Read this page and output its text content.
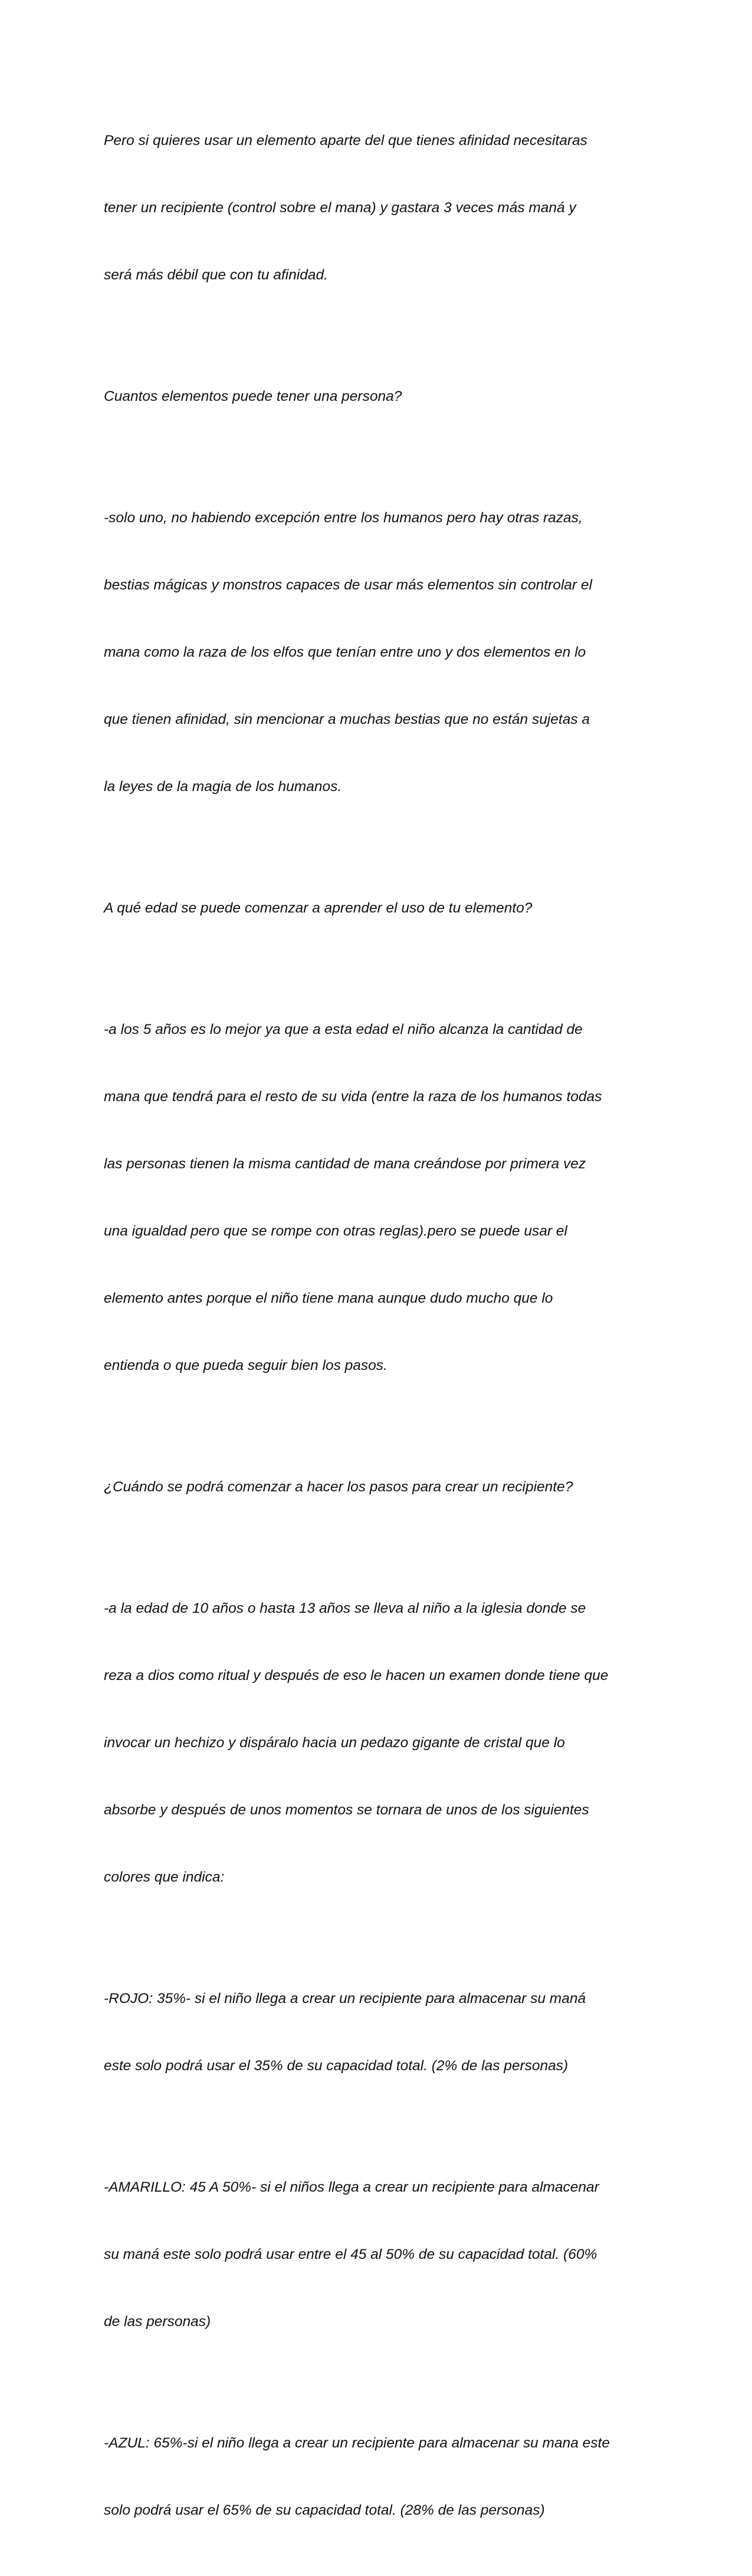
Pero si quieres usar un elemento aparte del que tienes afinidad necesitaras

tener un recipiente (control sobre el mana) y gastara 3 veces más maná y

será más débil que con tu afinidad.

Cuantos elementos puede tener una persona?

-solo uno, no habiendo excepción entre los humanos pero hay otras razas,

bestias mágicas y monstros capaces de usar más elementos sin controlar el

mana como la raza de los elfos que tenían entre uno y dos elementos en lo

que tienen afinidad, sin mencionar a muchas bestias que no están sujetas a

la leyes de la magia de los humanos.

A qué edad se puede comenzar a aprender el uso de tu elemento?

-a los 5 años es lo mejor ya que a esta edad el niño alcanza la cantidad de

mana que tendrá para el resto de su vida (entre la raza de los humanos todas

las personas tienen la misma cantidad de mana creándose por primera vez

una igualdad pero que se rompe con otras reglas).pero se puede usar el

elemento antes porque el niño tiene mana aunque dudo mucho que lo

entienda o que pueda seguir bien los pasos.

¿Cuándo se podrá comenzar a hacer los pasos para crear un recipiente?

-a la edad de 10 años o hasta 13 años se lleva al niño a la iglesia donde se

reza a dios como ritual y después de eso le hacen un examen donde tiene que

invocar un hechizo y dispáralo hacia un pedazo gigante de cristal que lo

absorbe y después de unos momentos se tornara de unos de los siguientes

colores que indica:

-ROJO: 35%- si el niño llega a crear un recipiente para almacenar su maná

este solo podrá usar el 35% de su capacidad total. (2% de las personas)

-AMARILLO: 45 A 50%- si el niños llega a crear un recipiente para almacenar

su maná este solo podrá usar entre el 45 al 50% de su capacidad total. (60%

de las personas)

-AZUL: 65%-si el niño llega a crear un recipiente para almacenar su mana este

solo podrá usar el 65% de su capacidad total. (28% de las personas)
